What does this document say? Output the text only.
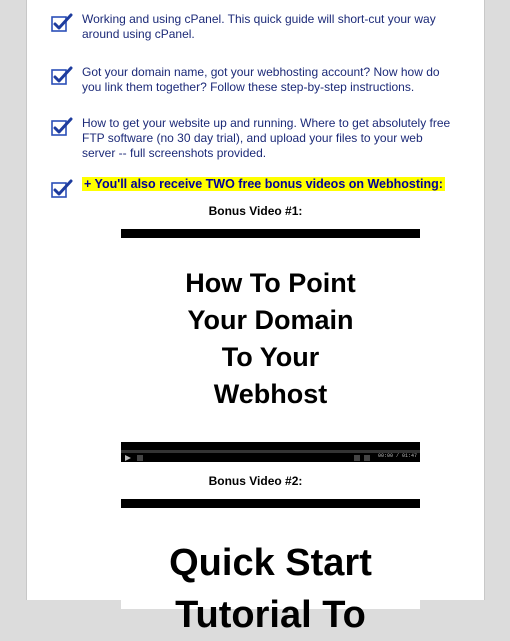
Working and using cPanel. This quick guide will short-cut your way around using cPanel.
Got your domain name, got your webhosting account? Now how do you link them together? Follow these step-by-step instructions.
How to get your website up and running. Where to get absolutely free FTP software (no 30 day trial), and upload your files to your web server -- full screenshots provided.
+ You'll also receive TWO free bonus videos on Webhosting:
Bonus Video #1:
How To Point
Your Domain
To Your
Webhost
00:00 / 01:47
Bonus Video #2:
Quick Start
Tutorial To
